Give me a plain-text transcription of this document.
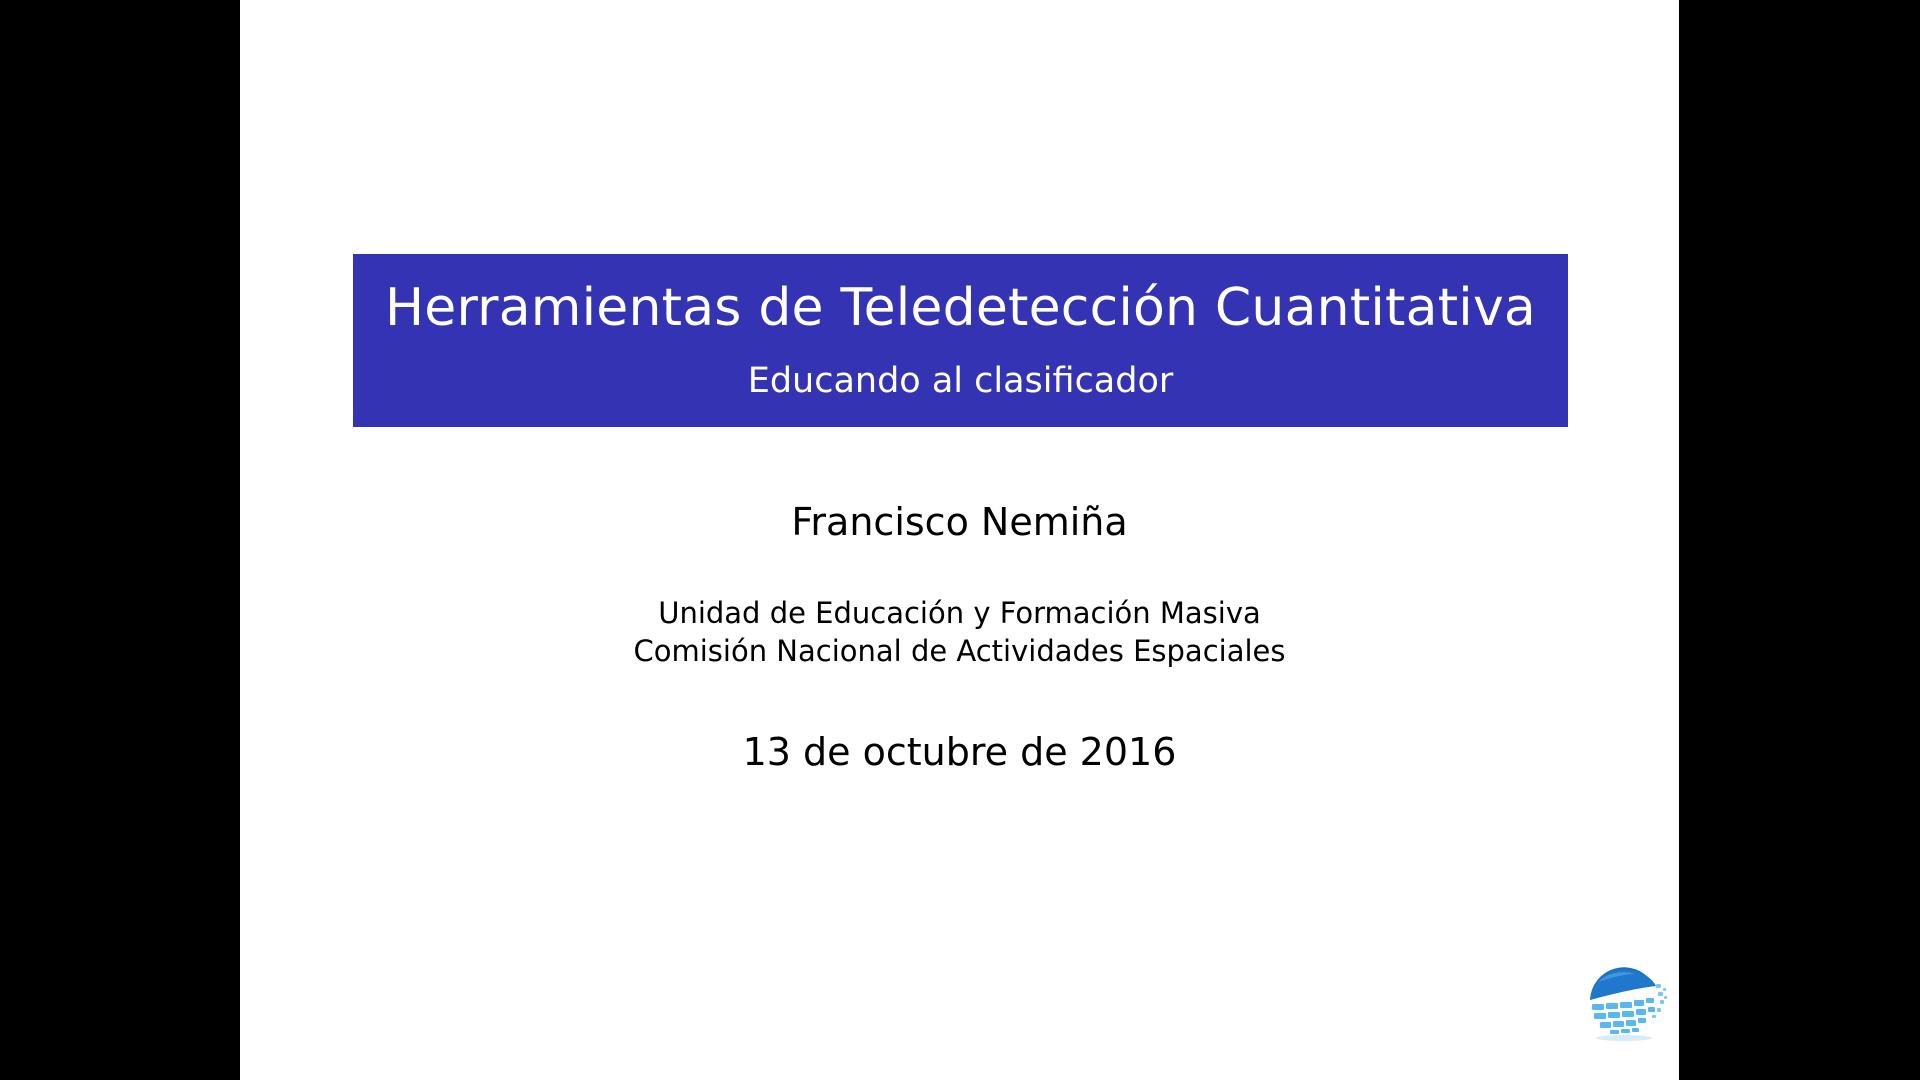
Herramientas de Teledetección Cuantitativa
Educando al clasificador
Francisco Nemiña
Unidad de Educación y Formación Masiva
Comisión Nacional de Actividades Espaciales
13 de octubre de 2016
